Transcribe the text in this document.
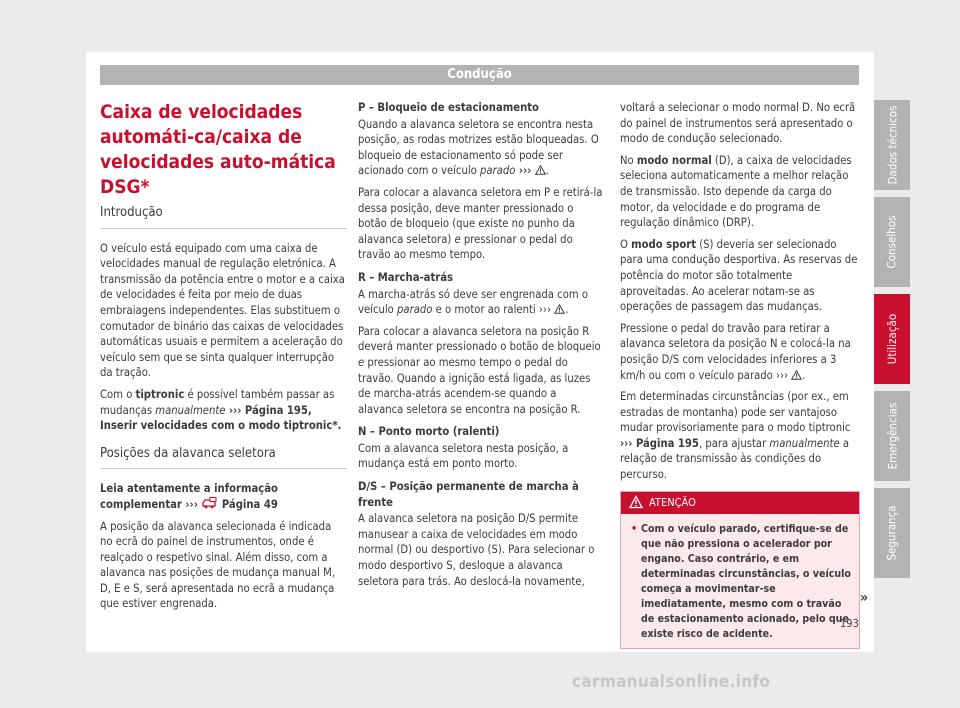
Condução
Caixa de velocidades automáti-ca/caixa de velocidades auto-mática DSG*
Introdução

O veículo está equipado com uma caixa de velocidades manual de regulação eletrónica. A transmissão da potência entre o motor e a caixa de velocidades é feita por meio de duas embraiagens independentes. Elas substituem o comutador de binário das caixas de velocidades automáticas usuais e permitem a aceleração do veículo sem que se sinta qualquer interrupção da tração.

Com o tiptronic é possível também passar as mudanças manualmente ››› Página 195, Inserir velocidades com o modo tiptronic*.

Posições da alavanca seletora

Leia atentamente a informação complementar ›››  Página 49

A posição da alavanca selecionada é indicada no ecrã do painel de instrumentos, onde é realçado o respetivo sinal. Além disso, com a alavanca nas posições de mudança manual M, D, E e S, será apresentada no ecrã a mudança que estiver engrenada.

P – Bloqueio de estacionamento

Quando a alavanca seletora se encontra nesta posição, as rodas motrizes estão bloqueadas. O bloqueio de estacionamento só pode ser acionado com o veículo parado ››› .

Para colocar a alavanca seletora em P e retirá-la dessa posição, deve manter pressionado o botão de bloqueio (que existe no punho da alavanca seletora) e pressionar o pedal do travão ao mesmo tempo.

R – Marcha-atrás

A marcha-atrás só deve ser engrenada com o veículo parado e o motor ao ralenti ››› .

Para colocar a alavanca seletora na posição R deverá manter pressionado o botão de bloqueio e pressionar ao mesmo tempo o pedal do travão. Quando a ignição está ligada, as luzes de marcha-atrás acendem-se quando a alavanca seletora se encontra na posição R.

N – Ponto morto (ralenti)

Com a alavanca seletora nesta posição, a mudança está em ponto morto.

D/S – Posição permanente de marcha à frente

A alavanca seletora na posição D/S permite manusear a caixa de velocidades em modo normal (D) ou desportivo (S). Para selecionar o modo desportivo S, desloque a alavanca seletora para trás. Ao deslocá-la novamente,

voltará a selecionar o modo normal D. No ecrã do painel de instrumentos será apresentado o modo de condução selecionado.

No modo normal (D), a caixa de velocidades seleciona automaticamente a melhor relação de transmissão. Isto depende da carga do motor, da velocidade e do programa de regulação dinâmico (DRP).

O modo sport (S) deveria ser selecionado para uma condução desportiva. As reservas de potência do motor são totalmente aproveitadas. Ao acelerar notam-se as operações de passagem das mudanças.

Pressione o pedal do travão para retirar a alavanca seletora da posição N e colocá-la na posição D/S com velocidades inferiores a 3 km/h ou com o veículo parado ››› .

Em determinadas circunstâncias (por ex., em estradas de montanha) pode ser vantajoso mudar provisoriamente para o modo tiptronic ››› Página 195, para ajustar manualmente a relação de transmissão às condições do percurso.

ATENÇÃO
• Com o veículo parado, certifique-se de que não pressiona o acelerador por engano. Caso contrário, e em determinadas circunstâncias, o veículo começa a movimentar-se imediatamente, mesmo com o travão de estacionamento acionado, pelo que existe risco de acidente.
»
193
Dados técnicos
Conselhos
Utilização
Emergências
Segurança
carmanualsonline.info
